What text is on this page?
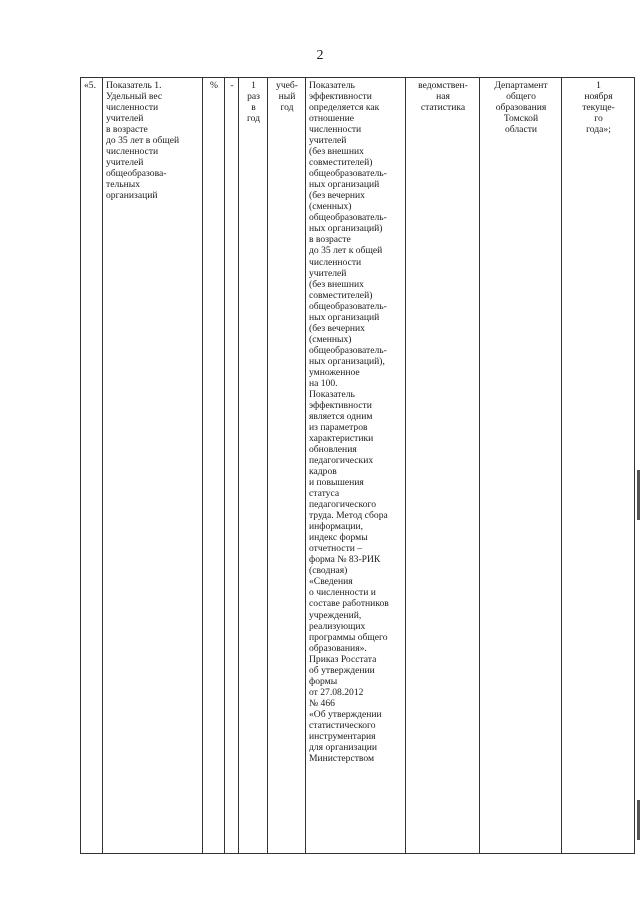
2
«5.	Показатель 1.
Удельный вес
численности
учителей
в возрасте
до 35 лет в общей
численности
учителей
общеобразова-
тельных
организаций	%	-	1
раз
в
год	учеб-
ный
год	Показатель
эффективности
определяется как
отношение
численности
учителей
(без внешних
совместителей)
общеобразователь-
ных организаций
(без вечерних
(сменных)
общеобразователь-
ных организаций)
в возрасте
до 35 лет к общей
численности
учителей
(без внешних
совместителей)
общеобразователь-
ных организаций
(без вечерних
(сменных)
общеобразователь-
ных организаций),
умноженное
на 100.
Показатель
эффективности
является одним
из параметров
характеристики
обновления
педагогических
кадров
и повышения
статуса
педагогического
труда. Метод сбора
информации,
индекс формы
отчетности –
форма № 83-РИК
(сводная)
«Сведения
о численности и
составе работников
учреждений,
реализующих
программы общего
образования».
Приказ Росстата
об утверждении
формы
от 27.08.2012
№ 466
«Об утверждении
статистического
инструментария
для организации
Министерством	ведомствен-
ная
статистика	Департамент
общего
образования
Томской
области	1
ноября
текуще-
го
года»;
